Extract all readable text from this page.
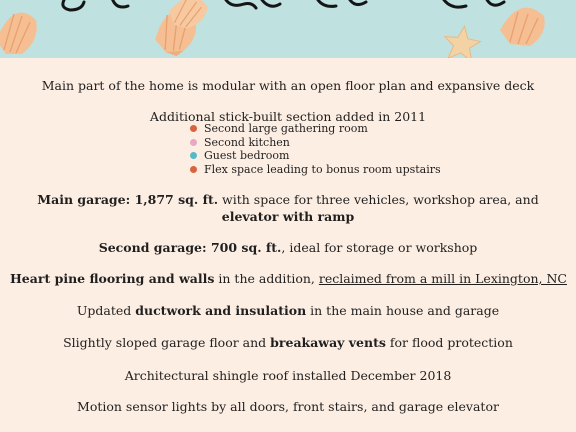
Main part of the home is modular with an open floor plan and expansive deck
Additional stick-built section added in 2011
Second large gathering room
Second kitchen
Guest bedroom
Flex space leading to bonus room upstairs
Main garage: 1,877 sq. ft. with space for three vehicles, workshop area, and elevator with ramp
Second garage: 700 sq. ft., ideal for storage or workshop
Heart pine flooring and walls in the addition, reclaimed from a mill in Lexington, NC
Updated ductwork and insulation in the main house and garage
Slightly sloped garage floor and breakaway vents for flood protection
Architectural shingle roof installed December 2018
Motion sensor lights by all doors, front stairs, and garage elevator
